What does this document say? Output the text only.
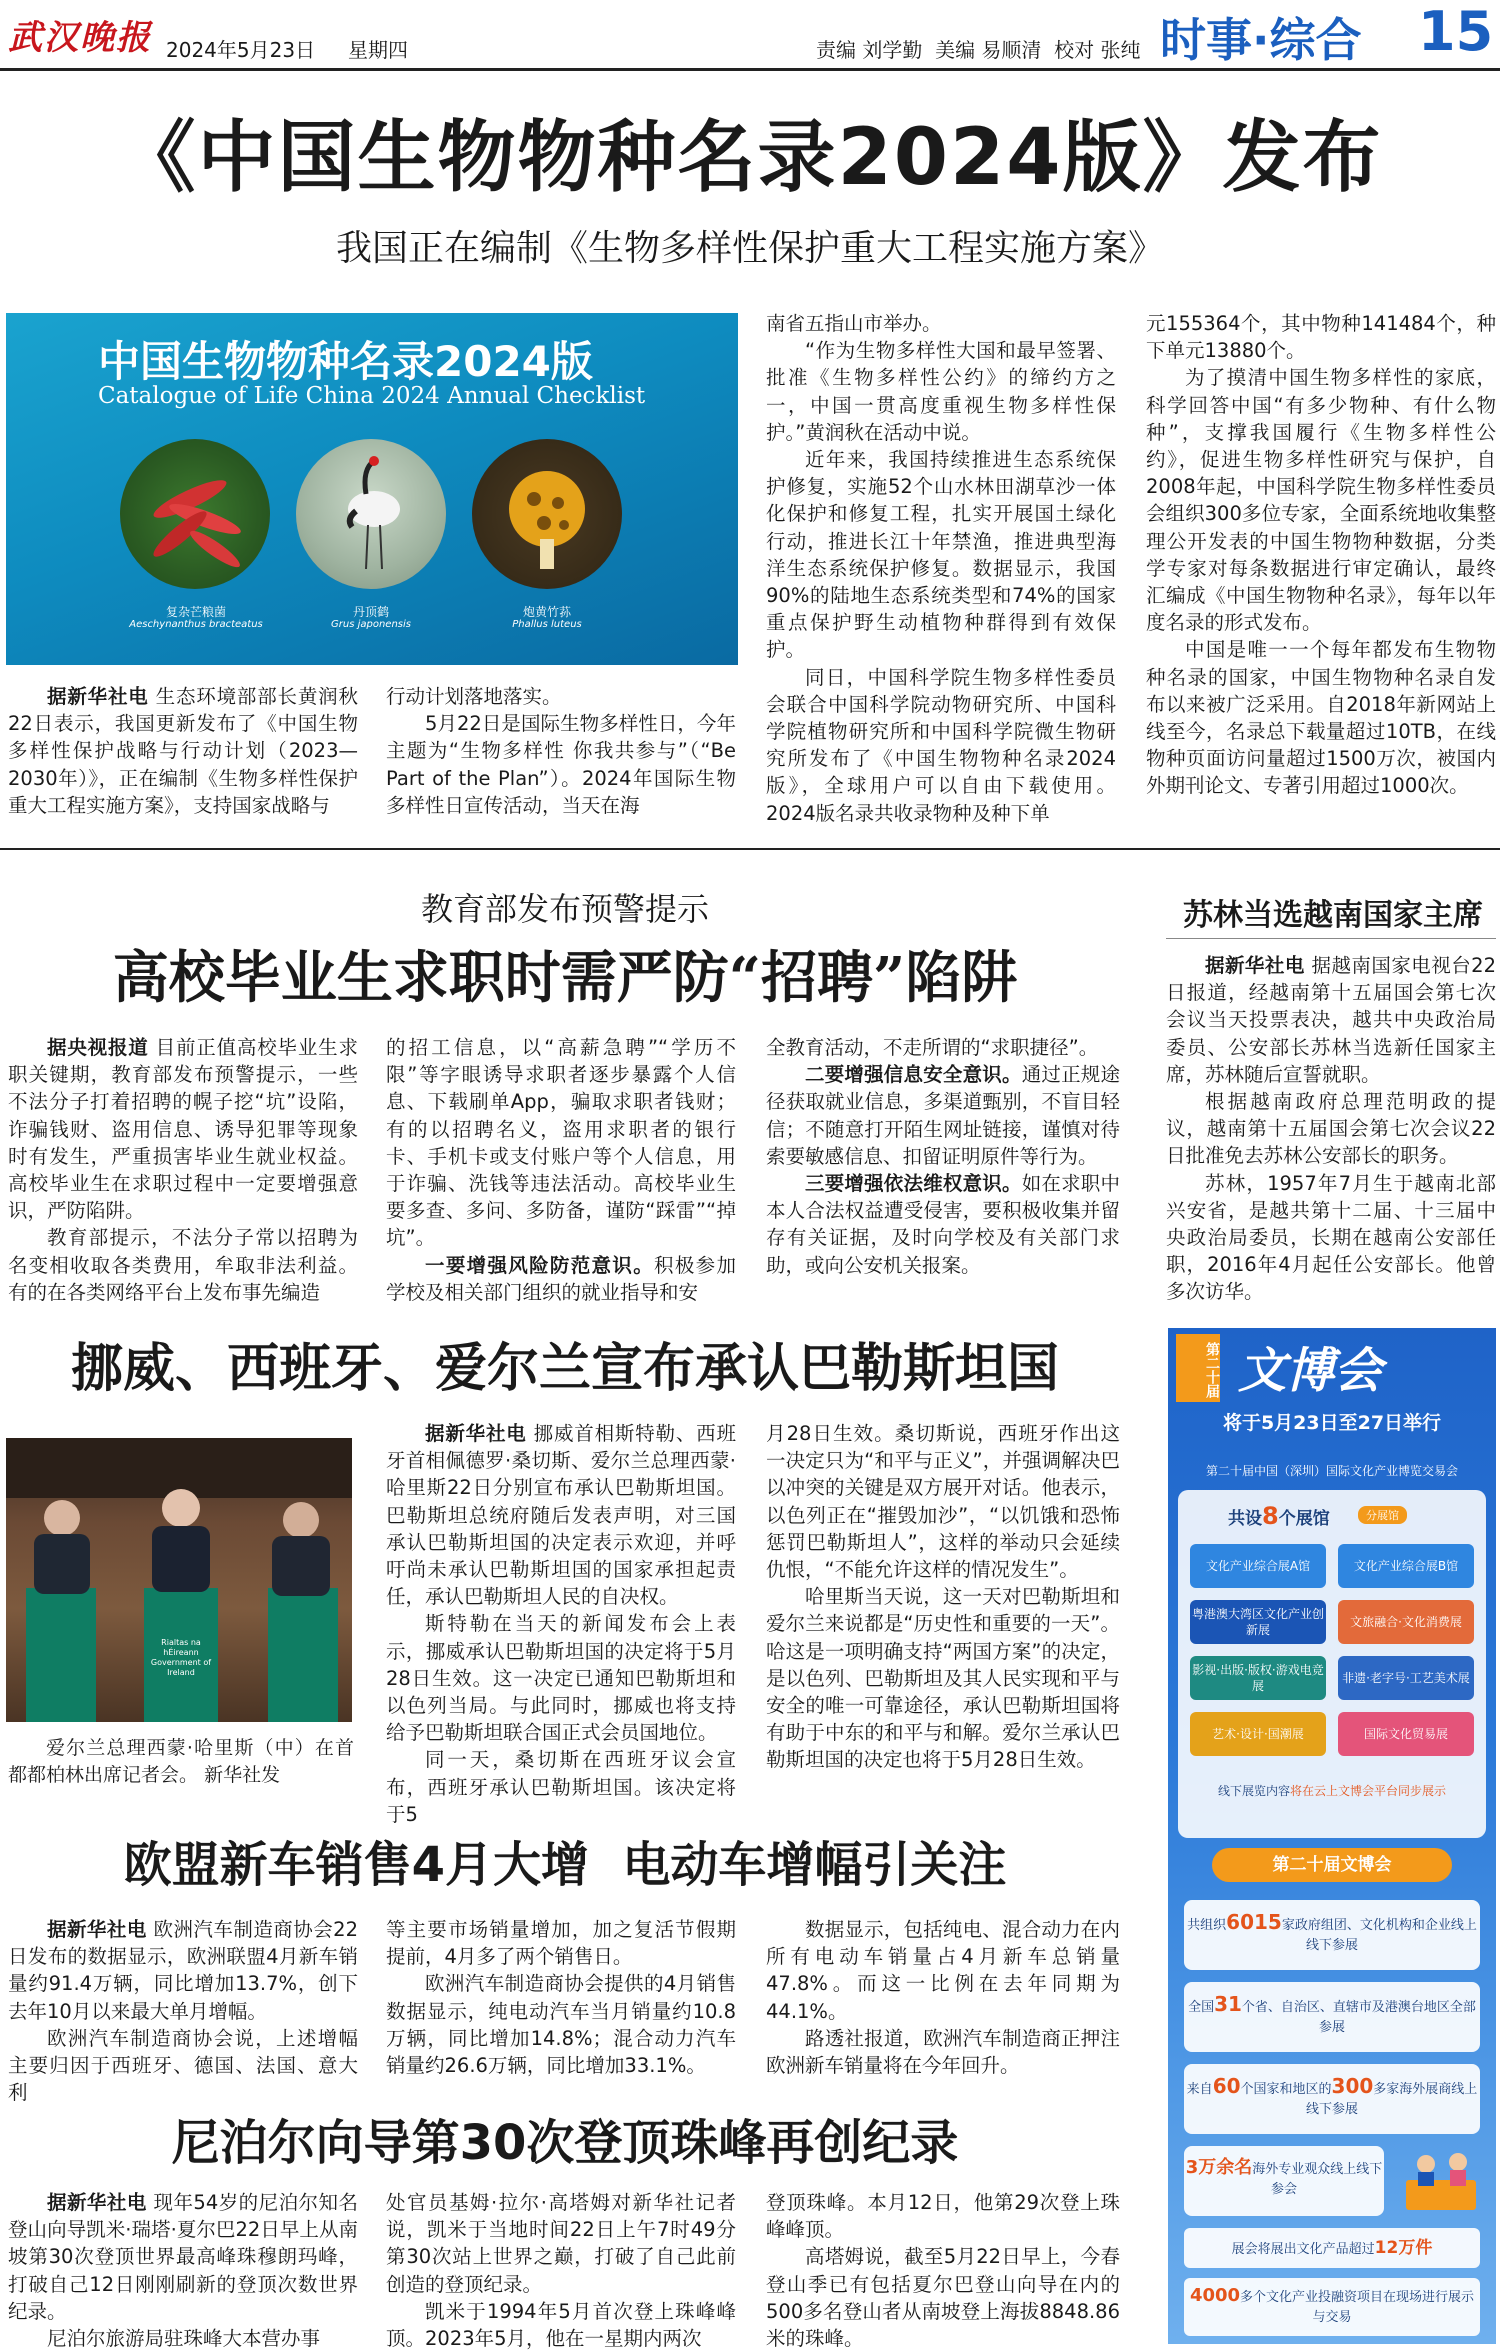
武汉晚报 2024年5月23日 星期四	责编 刘学勤  美编 易顺清  校对 张纯 时事·综合 15
《中国生物物种名录2024版》发布
我国正在编制《生物多样性保护重大工程实施方案》
中国生物物种名录2024版
Catalogue of Life China 2024 Annual Checklist
复杂芒粮菌
Aeschynanthus bracteatus
丹顶鹤
Grus japonensis
炮黄竹荪
Phallus luteus

据新华社电 生态环境部部长黄润秋22日表示，我国更新发布了《中国生物多样性保护战略与行动计划（2023—2030年）》，正在编制《生物多样性保护重大工程实施方案》，支持国家战略与

行动计划落地落实。

5月22日是国际生物多样性日，今年主题为“生物多样性 你我共参与”（“Be Part of the Plan”）。2024年国际生物多样性日宣传活动，当天在海

南省五指山市举办。

“作为生物多样性大国和最早签署、批准《生物多样性公约》的缔约方之一，中国一贯高度重视生物多样性保护。”黄润秋在活动中说。

近年来，我国持续推进生态系统保护修复，实施52个山水林田湖草沙一体化保护和修复工程，扎实开展国土绿化行动，推进长江十年禁渔，推进典型海洋生态系统保护修复。数据显示，我国90%的陆地生态系统类型和74%的国家重点保护野生动植物种群得到有效保护。

同日，中国科学院生物多样性委员会联合中国科学院动物研究所、中国科学院植物研究所和中国科学院微生物研究所发布了《中国生物物种名录2024版》，全球用户可以自由下载使用。2024版名录共收录物种及种下单

元155364个，其中物种141484个，种下单元13880个。

为了摸清中国生物多样性的家底，科学回答中国“有多少物种、有什么物种”，支撑我国履行《生物多样性公约》，促进生物多样性研究与保护，自2008年起，中国科学院生物多样性委员会组织300多位专家，全面系统地收集整理公开发表的中国生物物种数据，分类学专家对每条数据进行审定确认，最终汇编成《中国生物物种名录》，每年以年度名录的形式发布。

中国是唯一一个每年都发布生物物种名录的国家，中国生物物种名录自发布以来被广泛采用。自2018年新网站上线至今，名录总下载量超过10TB，在线物种页面访问量超过1500万次，被国内外期刊论文、专著引用超过1000次。

教育部发布预警提示
高校毕业生求职时需严防“招聘”陷阱

据央视报道 目前正值高校毕业生求职关键期，教育部发布预警提示，一些不法分子打着招聘的幌子挖“坑”设陷，诈骗钱财、盗用信息、诱导犯罪等现象时有发生，严重损害毕业生就业权益。高校毕业生在求职过程中一定要增强意识，严防陷阱。

教育部提示，不法分子常以招聘为名变相收取各类费用，牟取非法利益。有的在各类网络平台上发布事先编造

的招工信息，以“高薪急聘”“学历不限”等字眼诱导求职者逐步暴露个人信息、下载刷单App，骗取求职者钱财；有的以招聘名义，盗用求职者的银行卡、手机卡或支付账户等个人信息，用于诈骗、洗钱等违法活动。高校毕业生要多查、多问、多防备，谨防“踩雷”“掉坑”。

一要增强风险防范意识。积极参加学校及相关部门组织的就业指导和安

全教育活动，不走所谓的“求职捷径”。

二要增强信息安全意识。通过正规途径获取就业信息，多渠道甄别，不盲目轻信；不随意打开陌生网址链接，谨慎对待索要敏感信息、扣留证明原件等行为。

三要增强依法维权意识。如在求职中本人合法权益遭受侵害，要积极收集并留存有关证据，及时向学校及有关部门求助，或向公安机关报案。

苏林当选越南国家主席

据新华社电 据越南国家电视台22日报道，经越南第十五届国会第七次会议当天投票表决，越共中央政治局委员、公安部长苏林当选新任国家主席，苏林随后宣誓就职。

根据越南政府总理范明政的提议，越南第十五届国会第七次会议22日批准免去苏林公安部长的职务。

苏林，1957年7月生于越南北部兴安省，是越共第十二届、十三届中央政治局委员，长期在越南公安部任职，2016年4月起任公安部长。他曾多次访华。

挪威、西班牙、爱尔兰宣布承认巴勒斯坦国
Rialtas na hÉireann Government of Ireland

爱尔兰总理西蒙·哈里斯（中）在首都都柏林出席记者会。 新华社发

据新华社电 挪威首相斯特勒、西班牙首相佩德罗·桑切斯、爱尔兰总理西蒙·哈里斯22日分别宣布承认巴勒斯坦国。巴勒斯坦总统府随后发表声明，对三国承认巴勒斯坦国的决定表示欢迎，并呼吁尚未承认巴勒斯坦国的国家承担起责任，承认巴勒斯坦人民的自决权。

斯特勒在当天的新闻发布会上表示，挪威承认巴勒斯坦国的决定将于5月28日生效。这一决定已通知巴勒斯坦和以色列当局。与此同时，挪威也将支持给予巴勒斯坦联合国正式会员国地位。

同一天，桑切斯在西班牙议会宣布，西班牙承认巴勒斯坦国。该决定将于5

月28日生效。桑切斯说，西班牙作出这一决定只为“和平与正义”，并强调解决巴以冲突的关键是双方展开对话。他表示，以色列正在“摧毁加沙”，“以饥饿和恐怖惩罚巴勒斯坦人”，这样的举动只会延续仇恨，“不能允许这样的情况发生”。

哈里斯当天说，这一天对巴勒斯坦和爱尔兰来说都是“历史性和重要的一天”。哈这是一项明确支持“两国方案”的决定，是以色列、巴勒斯坦及其人民实现和平与安全的唯一可靠途径，承认巴勒斯坦国将有助于中东的和平与和解。爱尔兰承认巴勒斯坦国的决定也将于5月28日生效。

欧盟新车销售4月大增  电动车增幅引关注

据新华社电 欧洲汽车制造商协会22日发布的数据显示，欧洲联盟4月新车销量约91.4万辆，同比增加13.7%，创下去年10月以来最大单月增幅。

欧洲汽车制造商协会说，上述增幅主要归因于西班牙、德国、法国、意大利

等主要市场销量增加，加之复活节假期提前，4月多了两个销售日。

欧洲汽车制造商协会提供的4月销售数据显示，纯电动汽车当月销量约10.8万辆，同比增加14.8%；混合动力汽车销量约26.6万辆，同比增加33.1%。

数据显示，包括纯电、混合动力在内所有电动车销量占4月新车总销量47.8%。而这一比例在去年同期为44.1%。

路透社报道，欧洲汽车制造商正押注欧洲新车销量将在今年回升。

尼泊尔向导第30次登顶珠峰再创纪录

据新华社电 现年54岁的尼泊尔知名登山向导凯米·瑞塔·夏尔巴22日早上从南坡第30次登顶世界最高峰珠穆朗玛峰，打破自己12日刚刚刷新的登顶次数世界纪录。

尼泊尔旅游局驻珠峰大本营办事

处官员基姆·拉尔·高塔姆对新华社记者说，凯米于当地时间22日上午7时49分第30次站上世界之巅，打破了自己此前创造的登顶纪录。

凯米于1994年5月首次登上珠峰峰顶。2023年5月，他在一星期内两次

登顶珠峰。本月12日，他第29次登上珠峰峰顶。

高塔姆说，截至5月22日早上，今春登山季已有包括夏尔巴登山向导在内的500多名登山者从南坡登上海拔8848.86米的珠峰。

第二十届 文博会
将于5月23日至27日举行
第二十届中国（深圳）国际文化产业博览交易会
共设8个展馆	分展馆
文化产业综合展A馆	文化产业综合展B馆
粤港澳大湾区文化产业创新展
文旅融合·文化消费展
影视·出版·版权·游戏电竞展
非遗·老字号·工艺美术展
艺术·设计·国潮展	国际文化贸易展
线下展览内容将在云上文博会平台同步展示
第二十届文博会
共组织6015家政府组团、文化机构和企业线上线下参展
全国31个省、自治区、直辖市及港澳台地区全部参展
来自60个国家和地区的300多家海外展商线上线下参展
3万余名海外专业观众线上线下参会
展会将展出文化产品超过12万件
4000多个文化产业投融资项目在现场进行展示与交易
